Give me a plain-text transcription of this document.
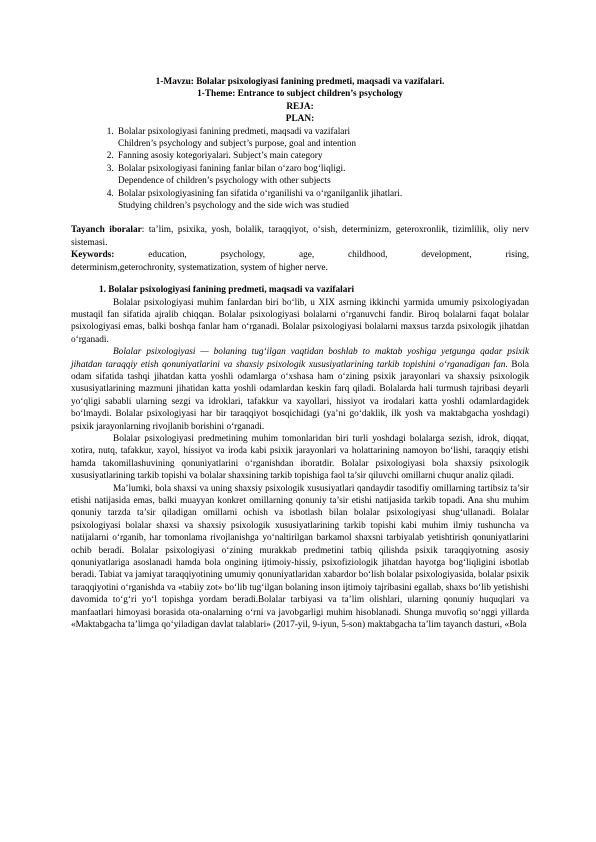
1-Mavzu: Bolalar psixologiyasi fanining predmeti, maqsadi va vazifalari.
1-Theme: Entrance to subject children’s psychology
REJA:
PLAN:
1. Bolalar psixologiyasi fanining predmeti, maqsadi va vazifalari
Children’s psychology and subject’s purpose, goal and intention
2. Fanning asosiy kotegoriyalari. Subject’s main category
3. Bolalar psixologiyasi fanining fanlar bilan o‘zaro bog‘liqligi.
Dependence of children’s psychology with other subjects
4. Bolalar psixologiyasining fan sifatida o‘rganilishi va o‘rganilganlik jihatlari.
Studying children’s psychology and the side wich was studied
Tayanch iboralar: ta’lim, psixika, yosh, bolalik, taraqqiyot, o‘sish, determinizm, geteroxronlik, tizimlilik, oliy nerv sistemasi.
Keywords:	education,	psychology,	age,	childhood,	development,	rising,
determinism,geterochronity, systematization, system of higher nerve.
1. Bolalar psixologiyasi fanining predmeti, maqsadi va vazifalari

Bolalar psixologiyasi muhim fanlardan biri bo‘lib, u XIX asrning ikkinchi yarmida umumiy psixologiyadan mustaqil fan sifatida ajralib chiqqan. Bolalar psixologiyasi bolalarni o‘rganuvchi fandir. Biroq bolalarni faqat bolalar psixologiyasi emas, balki boshqa fanlar ham o‘rganadi. Bolalar psixologiyasi bolalarni maxsus tarzda psixologik jihatdan o‘rganadi.

Bolalar psixologiyasi — bolaning tug‘ilgan vaqtidan boshlab to maktab yoshiga yetgunga qadar psixik jihatdan taraqqiy etish qonuniyatlarini va shaxsiy psixologik xususiyatlarining tarkib topishini o‘rganadigan fan. Bola odam sifatida tashqi jihatdan katta yoshli odamlarga o‘xshasa ham o‘zining psixik jarayonlari va shaxsiy psixologik xususiyatlarining mazmuni jihatidan katta yoshli odamlardan keskin farq qiladi. Bolalarda hali turmush tajribasi deyarli yo‘qligi sababli ularning sezgi va idroklari, tafakkur va xayollari, hissiyot va irodalari katta yoshli odamlardagidek bo‘lmaydi. Bolalar psixologiyasi har bir taraqqiyot bosqichidagi (ya’ni go‘daklik, ilk yosh va maktabgacha yoshdagi) psixik jarayonlarning rivojlanib borishini o‘rganadi.

Bolalar psixologiyasi predmetining muhim tomonlaridan biri turli yoshdagi bolalarga sezish, idrok, diqqat, xotira, nutq, tafakkur, xayol, hissiyot va iroda kabi psixik jarayonlari va holattarining namoyon bo‘lishi, taraqqiy etishi hamda takomillashuvining qonuniyatlarini o‘rganishdan iboratdir. Bolalar psixologiyasi bola shaxsiy psixologik xususiyatlarining tarkib topishi va bolalar shaxsining tarkib topishiga faol ta’sir qiluvchi omillarni chuqur analiz qiladi.

Ma’lumki, bola shaxsi va uning shaxsiy psixologik xususiyatlari qandaydir tasodifiy omillarning tartibsiz ta’sir etishi natijasida emas, balki muayyan konkret omillarning qonuniy ta’sir etishi natijasida tarkib topadi. Ana shu muhim qonuniy tarzda ta’sir qiladigan omillarni ochish va isbotlash bilan bolalar psixologiyasi shug‘ullanadi. Bolalar psixologiyasi bolalar shaxsi va shaxsiy psixologik xususiyatlarining tarkib topishi kabi muhim ilmiy tushuncha va natijalarni o‘rganib, har tomonlama rivojlanishga yo‘naltirilgan barkamol shaxsni tarbiyalab yetishtirish qonuniyatlarini ochib beradi. Bolalar psixologiyasi o‘zining murakkab predmetini tatbiq qilishda psixik taraqqiyotning asosiy qonuniyatlariga asoslanadi hamda bola ongining ijtimoiy-hissiy, psixofiziologik jihatdan hayotga bog‘liqligini isbotlab beradi. Tabiat va jamiyat taraqqiyotining umumiy qonuniyatlaridan xabardor bo‘lish bolalar psixologiyasida, bolalar psixik taraqqiyotini o‘rganishda va «tabiiy zot» bo‘lib tug‘ilgan bolaning inson ijtimoiy tajribasini egallab, shaxs bo‘lib yetishishi davomida to‘g‘ri yo‘l topishga yordam beradi.Bolalar tarbiyasi va ta’lim olishlari, ularning qonuniy huquqlari va manfaatlari himoyasi borasida ota-onalarning o‘rni va javobgarligi muhim hisoblanadi. Shunga muvofiq so‘nggi yillarda «Maktabgacha ta’limga qo‘yiladigan davlat talablari» (2017-yil, 9-iyun, 5-son) maktabgacha ta’lim tayanch dasturi, «Bola
